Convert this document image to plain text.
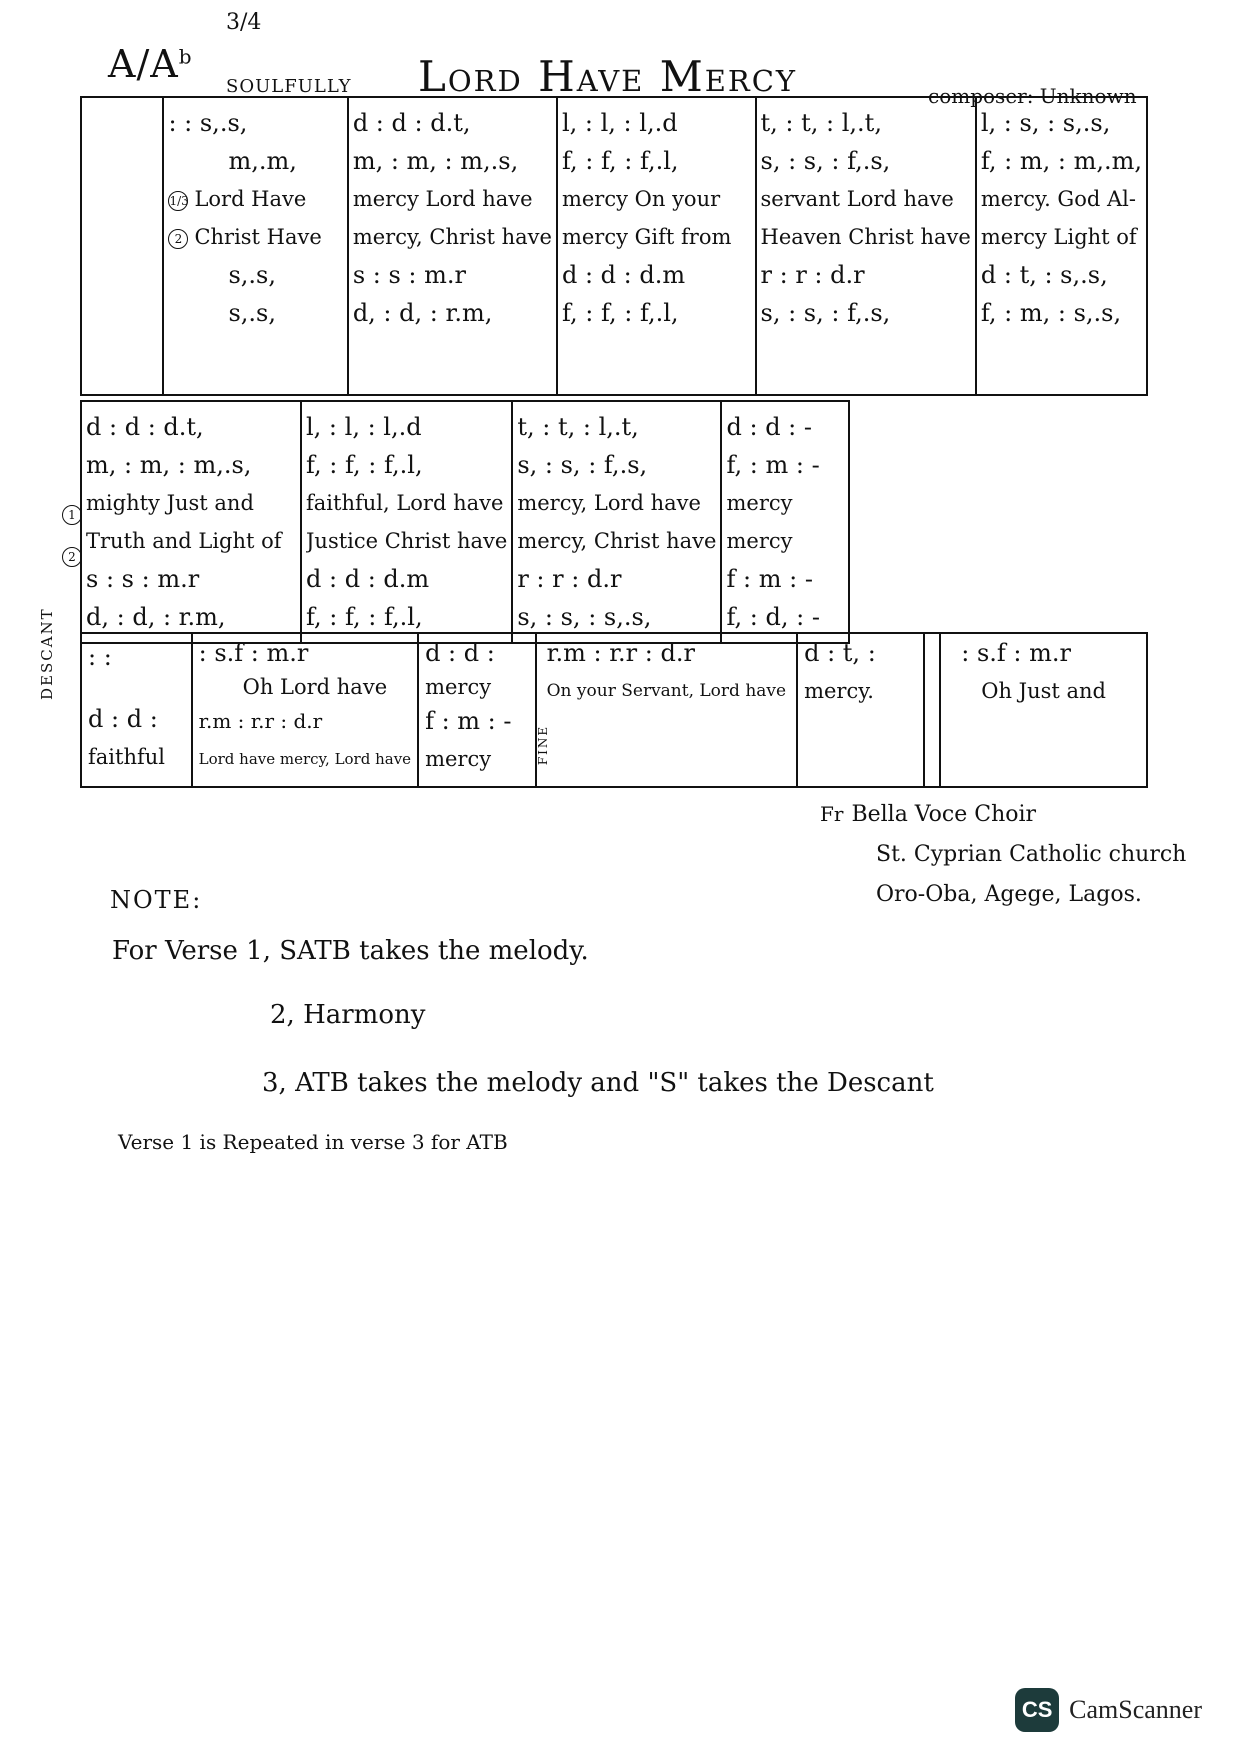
$A/A^b$
3/4
SOULFULLY Lord Have Mercy	composer: Unknown

: : s,.s,
m,.m,
1/3 Lord Have
2 Christ Have
s,.s,
s,.s,

d : d : d.t,
m, : m, : m,.s,
mercy Lord have
mercy, Christ have
s : s : m.r
d, : d, : r.m,

l, : l, : l,.d
f, : f, : f,.l,
mercy On your
mercy Gift from
d : d : d.m
f, : f, : f,.l,

t, : t, : l,.t,
s, : s, : f,.s,
servant Lord have
Heaven Christ have
r : r : d.r
s, : s, : f,.s,

l, : s, : s,.s,
f, : m, : m,.m,
mercy. God Al-
mercy Light of
d : t, : s,.s,
f, : m, : s,.s,
1
2
d : d : d.t,
m, : m, : m,.s,
mighty Just and
Truth and Light of
s : s : m.r
d, : d, : r.m,

l, : l, : l,.d
f, : f, : f,.l,
faithful, Lord have
Justice Christ have
d : d : d.m
f, : f, : f,.l,

t, : t, : l,.t,
s, : s, : f,.s,
mercy, Lord have
mercy, Christ have
r : r : d.r
s, : s, : s,.s,

d : d : -
f, : m : -
mercy
mercy
f : m : -
f, : d, : -
DESCANT : :
d : d :
faithful

: s.f : m.r
Oh Lord have
r.m : r.r : d.r
Lord have mercy, Lord have

d : d :
mercy
f : m : -
mercy	FINE
r.m : r.r : d.r
On your Servant, Lord have

d : t, :
mercy.

: s.f : m.r
Oh Just and
Fr Bella Voce Choir
St. Cyprian Catholic church
Oro-Oba, Agege, Lagos.
NOTE:
For Verse 1, SATB takes the melody.
2, Harmony
3, ATB takes the melody and "S" takes the Descant
Verse 1 is Repeated in verse 3 for ATB
CS CamScanner
